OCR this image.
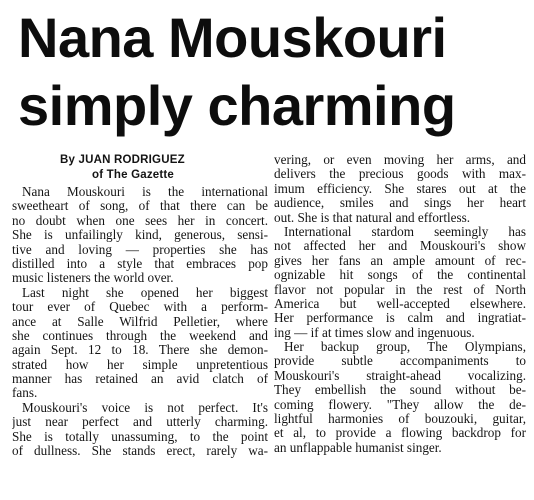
Nana Mouskouri
simply charming
By JUAN RODRIGUEZ
of The Gazette
Nana Mouskouri is the international
sweetheart of song, of that there can be
no doubt when one sees her in concert.
She is unfailingly kind, generous, sensi-
tive and loving — properties she has
distilled into a style that embraces pop
music listeners the world over.
Last night she opened her biggest
tour ever of Quebec with a perform-
ance at Salle Wilfrid Pelletier, where
she continues through the weekend and
again Sept. 12 to 18. There she demon-
strated how her simple unpretentious
manner has retained an avid clatch of
fans.
Mouskouri's voice is not perfect. It's
just near perfect and utterly charming.
She is totally unassuming, to the point
of dullness. She stands erect, rarely wa-
vering, or even moving her arms, and
delivers the precious goods with max-
imum efficiency. She stares out at the
audience, smiles and sings her heart
out. She is that natural and effortless.
International stardom seemingly has
not affected her and Mouskouri's show
gives her fans an ample amount of rec-
ognizable hit songs of the continental
flavor not popular in the rest of North
America but well-accepted elsewhere.
Her performance is calm and ingratiat-
ing — if at times slow and ingenuous.
Her backup group, The Olympians,
provide subtle accompaniments to
Mouskouri's straight-ahead vocalizing.
They embellish the sound without be-
coming flowery. "They allow the de-
lightful harmonies of bouzouki, guitar,
et al, to provide a flowing backdrop for
an unflappable humanist singer.
